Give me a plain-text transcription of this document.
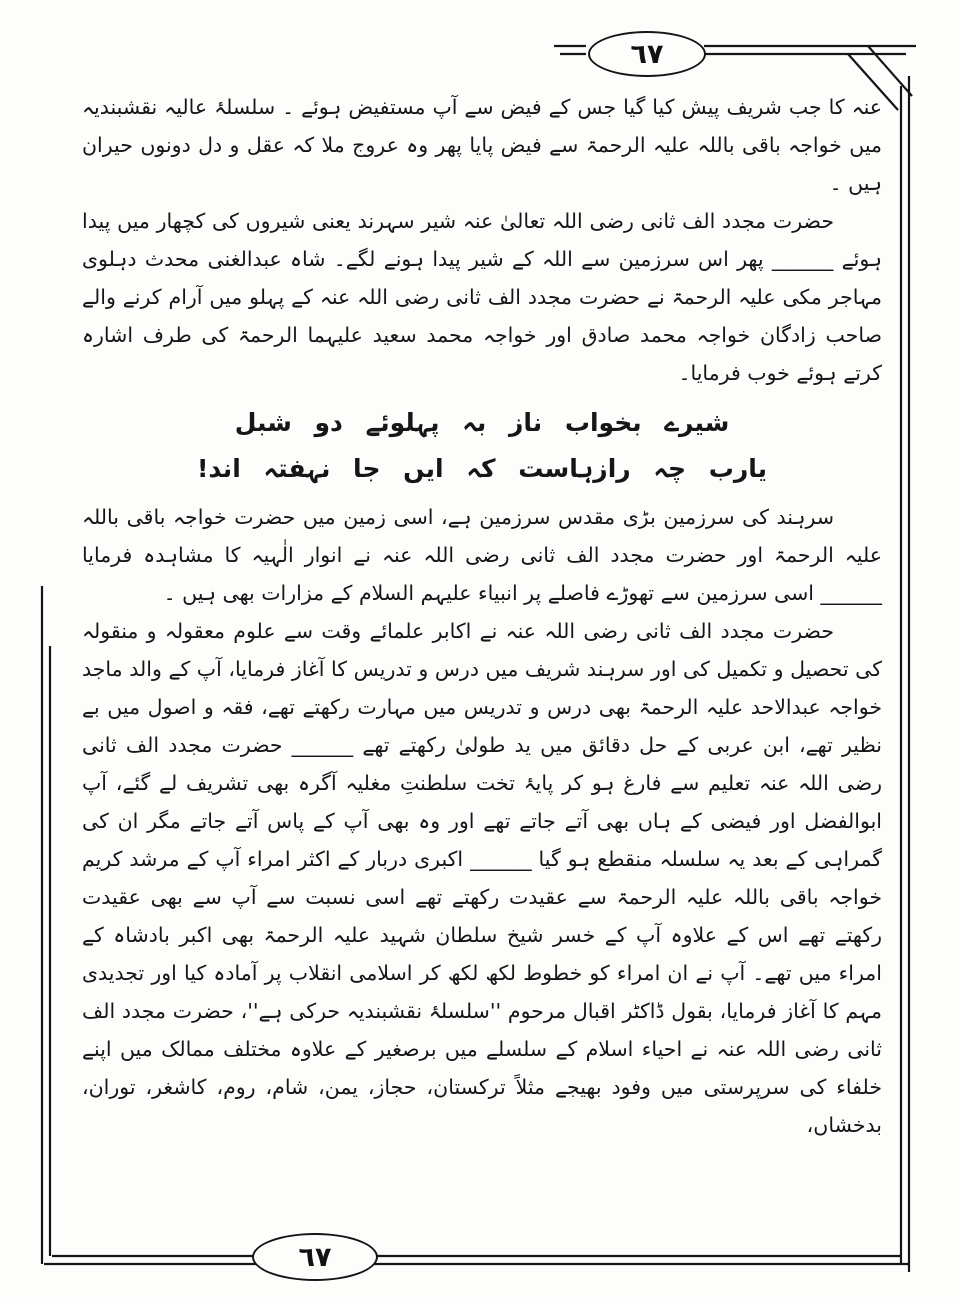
٦٧

عنہ کا جب شریف پیش کیا گیا جس کے فیض سے آپ مستفیض ہوئے ۔ سلسلۂ عالیہ نقشبندیہ میں خواجہ باقی باللہ علیہ الرحمۃ سے فیض پایا پھر وہ عروج ملا کہ عقل و دل دونوں حیران ہیں ۔

حضرت مجدد الف ثانی رضی اللہ تعالیٰ عنہ شیر سہرند یعنی شیروں کی کچھار میں پیدا ہوئے ______ پھر اس سرزمین سے اللہ کے شیر پیدا ہونے لگے۔ شاہ عبدالغنی محدث دہلوی مہاجر مکی علیہ الرحمۃ نے حضرت مجدد الف ثانی رضی اللہ عنہ کے پہلو میں آرام کرنے والے صاحب زادگان خواجہ محمد صادق اور خواجہ محمد سعید علیہما الرحمۃ کی طرف اشارہ کرتے ہوئے خوب فرمایا۔

شیرے بخواب ناز بہ پہلوئے دو شبل

یارب چہ رازہاست کہ ایں جا نہفتہ اند!

سرہند کی سرزمین بڑی مقدس سرزمین ہے، اسی زمین میں حضرت خواجہ باقی باللہ علیہ الرحمۃ اور حضرت مجدد الف ثانی رضی اللہ عنہ نے انوار الٰہیہ کا مشاہدہ فرمایا ______ اسی سرزمین سے تھوڑے فاصلے پر انبیاء علیہم السلام کے مزارات بھی ہیں ۔

حضرت مجدد الف ثانی رضی اللہ عنہ نے اکابر علمائے وقت سے علوم معقولہ و منقولہ کی تحصیل و تکمیل کی اور سرہند شریف میں درس و تدریس کا آغاز فرمایا، آپ کے والد ماجد خواجہ عبدالاحد علیہ الرحمۃ بھی درس و تدریس میں مہارت رکھتے تھے، فقہ و اصول میں بے نظیر تھے، ابن عربی کے حل دقائق میں ید طولیٰ رکھتے تھے ______ حضرت مجدد الف ثانی رضی اللہ عنہ تعلیم سے فارغ ہو کر پایۂ تخت سلطنتِ مغلیہ آگرہ بھی تشریف لے گئے، آپ ابوالفضل اور فیضی کے ہاں بھی آتے جاتے تھے اور وہ بھی آپ کے پاس آتے جاتے مگر ان کی گمراہی کے بعد یہ سلسلہ منقطع ہو گیا ______ اکبری دربار کے اکثر امراء آپ کے مرشد کریم خواجہ باقی باللہ علیہ الرحمۃ سے عقیدت رکھتے تھے اسی نسبت سے آپ سے بھی عقیدت رکھتے تھے اس کے علاوہ آپ کے خسر شیخ سلطان شہید علیہ الرحمۃ بھی اکبر بادشاہ کے امراء میں تھے۔ آپ نے ان امراء کو خطوط لکھ لکھ کر اسلامی انقلاب پر آمادہ کیا اور تجدیدی مہم کا آغاز فرمایا، بقول ڈاکٹر اقبال مرحوم ''سلسلۂ نقشبندیہ حرکی ہے''، حضرت مجدد الف ثانی رضی اللہ عنہ نے احیاء اسلام کے سلسلے میں برصغیر کے علاوہ مختلف ممالک میں اپنے خلفاء کی سرپرستی میں وفود بھیجے مثلاً ترکستان، حجاز، یمن، شام، روم، کاشغر، توران، بدخشاں،

٦٧
